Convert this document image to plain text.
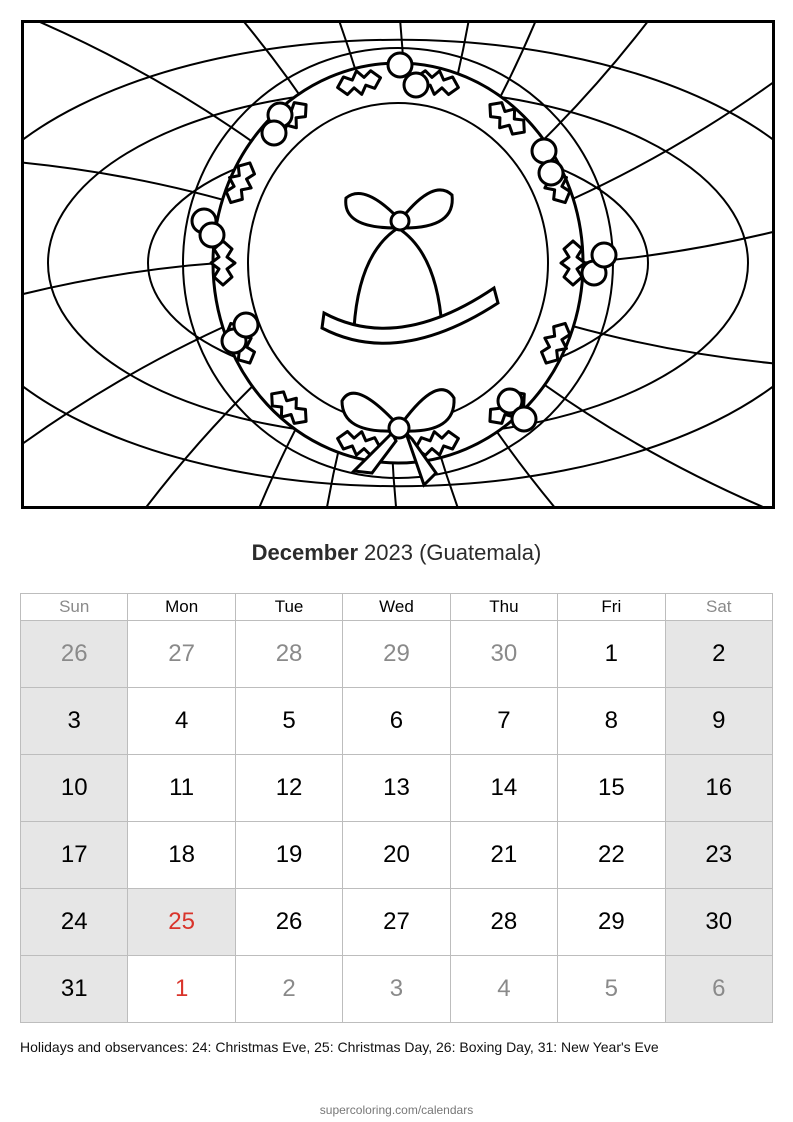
December 2023 (Guatemala)
Sun	Mon	Tue	Wed	Thu	Fri	Sat
26	27	28	29	30	1	2
3	4	5	6	7	8	9
10	11	12	13	14	15	16
17	18	19	20	21	22	23
24	25	26	27	28	29	30
31	1	2	3	4	5	6
Holidays and observances: 24: Christmas Eve, 25: Christmas Day, 26: Boxing Day, 31: New Year's Eve
supercoloring.com/calendars
